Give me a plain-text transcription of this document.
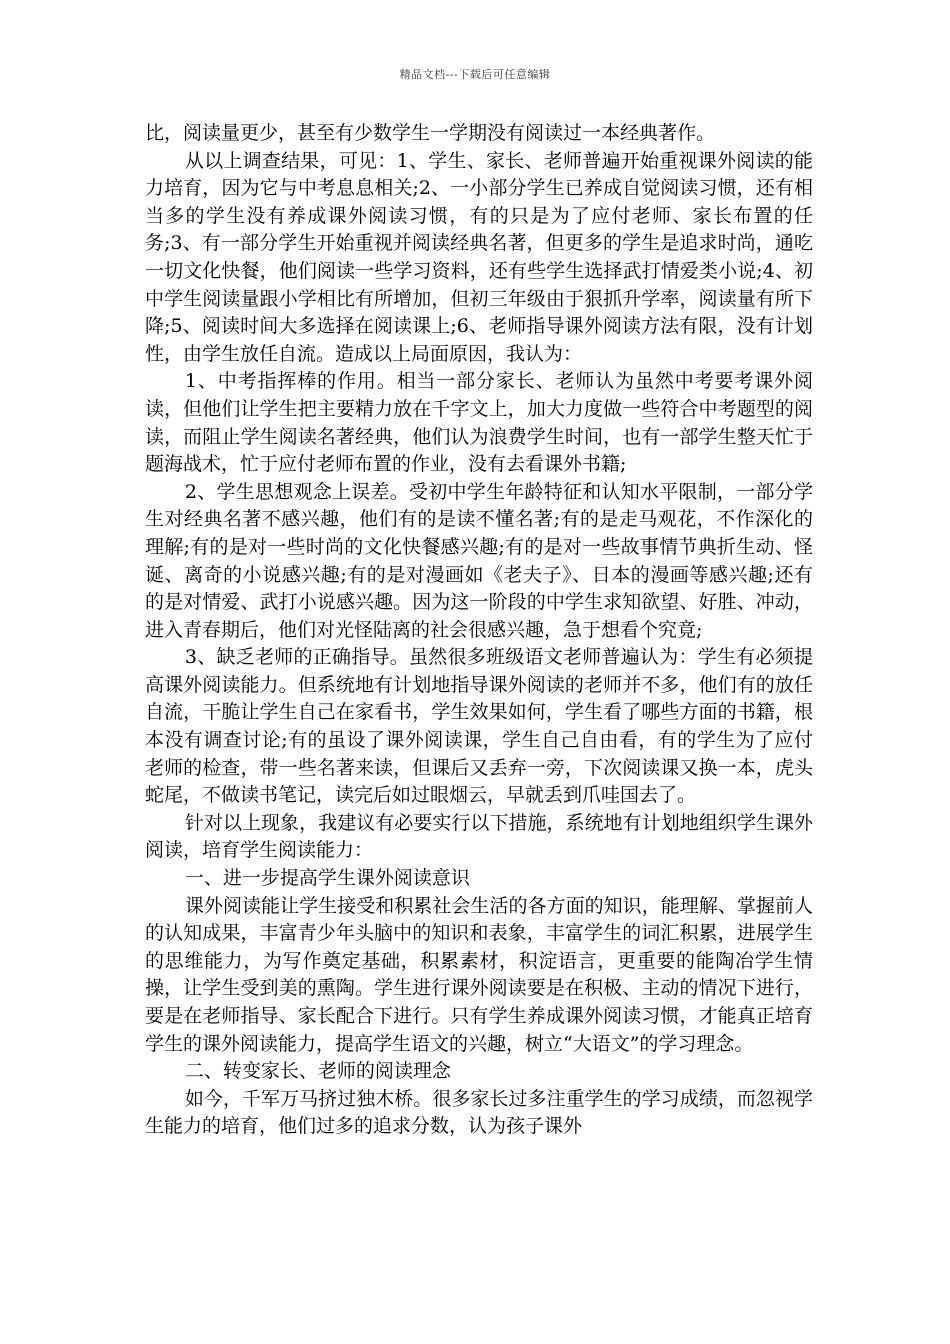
精品文档---下载后可任意编辑

比，阅读量更少，甚至有少数学生一学期没有阅读过一本经典著作。

从以上调查结果，可见：1、学生、家长、老师普遍开始重视课外阅读的能力培育，因为它与中考息息相关;2、一小部分学生已养成自觉阅读习惯，还有相当多的学生没有养成课外阅读习惯，有的只是为了应付老师、家长布置的任务;3、有一部分学生开始重视并阅读经典名著，但更多的学生是追求时尚，通吃一切文化快餐，他们阅读一些学习资料，还有些学生选择武打情爱类小说;4、初中学生阅读量跟小学相比有所增加，但初三年级由于狠抓升学率，阅读量有所下降;5、阅读时间大多选择在阅读课上;6、老师指导课外阅读方法有限，没有计划性，由学生放任自流。造成以上局面原因，我认为：

1、中考指挥棒的作用。相当一部分家长、老师认为虽然中考要考课外阅读，但他们让学生把主要精力放在千字文上，加大力度做一些符合中考题型的阅读，而阻止学生阅读名著经典，他们认为浪费学生时间，也有一部学生整天忙于题海战术，忙于应付老师布置的作业，没有去看课外书籍;

2、学生思想观念上误差。受初中学生年龄特征和认知水平限制，一部分学生对经典名著不感兴趣，他们有的是读不懂名著;有的是走马观花，不作深化的理解;有的是对一些时尚的文化快餐感兴趣;有的是对一些故事情节典折生动、怪诞、离奇的小说感兴趣;有的是对漫画如《老夫子》、日本的漫画等感兴趣;还有的是对情爱、武打小说感兴趣。因为这一阶段的中学生求知欲望、好胜、冲动，进入青春期后，他们对光怪陆离的社会很感兴趣，急于想看个究竟;

3、缺乏老师的正确指导。虽然很多班级语文老师普遍认为：学生有必须提高课外阅读能力。但系统地有计划地指导课外阅读的老师并不多，他们有的放任自流，干脆让学生自己在家看书，学生效果如何，学生看了哪些方面的书籍，根本没有调查讨论;有的虽设了课外阅读课，学生自己自由看，有的学生为了应付老师的检查，带一些名著来读，但课后又丢弃一旁，下次阅读课又换一本，虎头蛇尾，不做读书笔记，读完后如过眼烟云，早就丢到爪哇国去了。

针对以上现象，我建议有必要实行以下措施，系统地有计划地组织学生课外阅读，培育学生阅读能力：

一、进一步提高学生课外阅读意识

课外阅读能让学生接受和积累社会生活的各方面的知识，能理解、掌握前人的认知成果，丰富青少年头脑中的知识和表象，丰富学生的词汇积累，进展学生的思维能力，为写作奠定基础，积累素材，积淀语言，更重要的能陶冶学生情操，让学生受到美的熏陶。学生进行课外阅读要是在积极、主动的情况下进行，要是在老师指导、家长配合下进行。只有学生养成课外阅读习惯，才能真正培育学生的课外阅读能力，提高学生语文的兴趣，树立“大语文”的学习理念。

二、转变家长、老师的阅读理念

如今，千军万马挤过独木桥。很多家长过多注重学生的学习成绩，而忽视学生能力的培育，他们过多的追求分数，认为孩子课外
